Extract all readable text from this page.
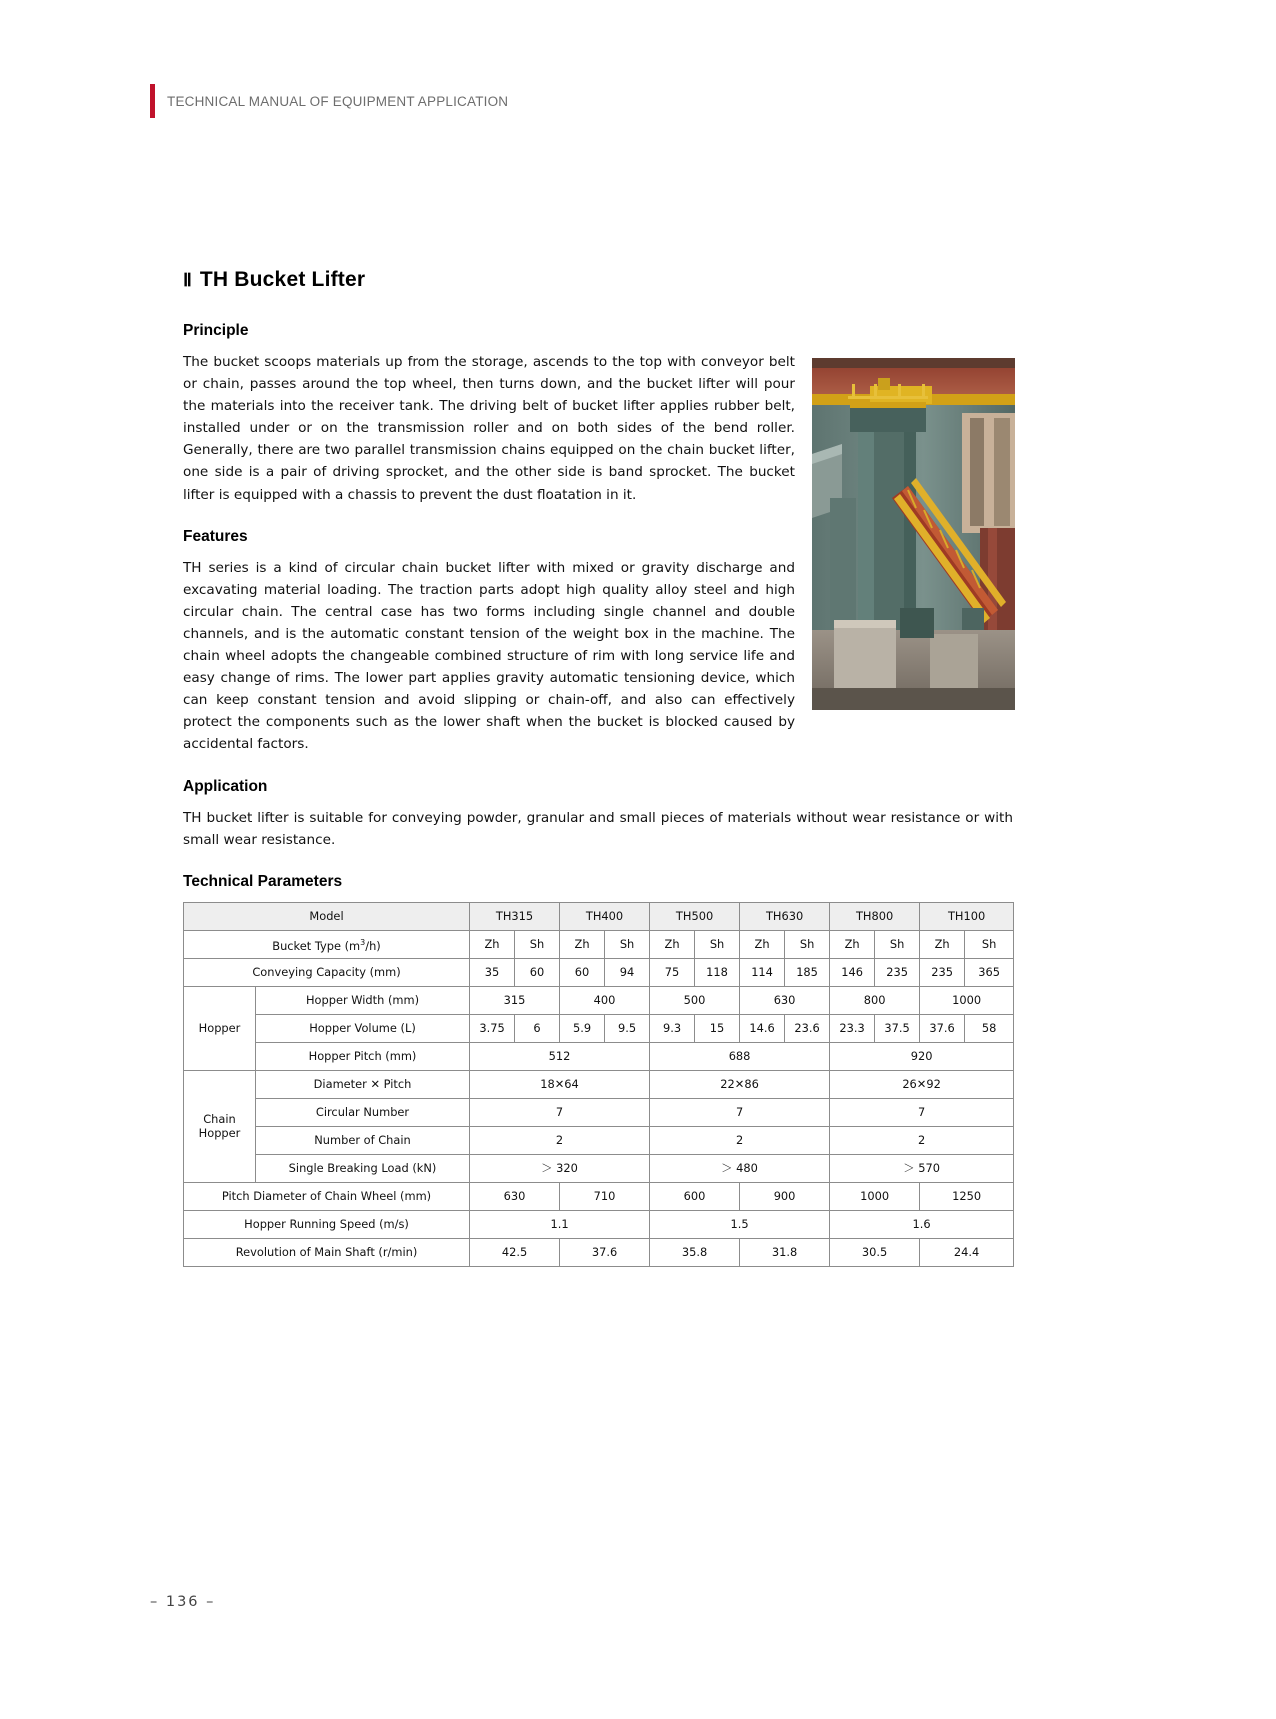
TECHNICAL MANUAL OF EQUIPMENT APPLICATION
Ⅱ TH Bucket Lifter
Principle

The bucket scoops materials up from the storage, ascends to the top with conveyor belt or chain, passes around the top wheel, then turns down, and the bucket lifter will pour the materials into the receiver tank. The driving belt of bucket lifter applies rubber belt, installed under or on the transmission roller and on both sides of the bend roller. Generally, there are two parallel transmission chains equipped on the chain bucket lifter, one side is a pair of driving sprocket, and the other side is band sprocket. The bucket lifter is equipped with a chassis to prevent the dust floatation in it.

Features

TH series is a kind of circular chain bucket lifter with mixed or gravity discharge and excavating material loading. The traction parts adopt high quality alloy steel and high circular chain. The central case has two forms including single channel and double channels, and is the automatic constant tension of the weight box in the machine. The chain wheel adopts the changeable combined structure of rim with long service life and easy change of rims. The lower part applies gravity automatic tensioning device, which can keep constant tension and avoid slipping or chain-off, and also can effectively protect the components such as the lower shaft when the bucket is blocked caused by accidental factors.

Application

TH bucket lifter is suitable for conveying powder, granular and small pieces of materials without wear resistance or with small wear resistance.

Technical Parameters
Model		TH315		TH400		TH500		TH630		TH800		TH100	
Bucket Type $(m^3/h)$		Zh	Sh	Zh	Sh	Zh	Sh	Zh	Sh	Zh	Sh	Zh	Sh
Conveying Capacity (mm)		35	60	60	94	75	118	114	185	146	235	235	365
Hopper	Hopper Width (mm)	315		400		500		630		800		1000	
	Hopper Volume (L)	3.75	6	5.9	9.5	9.3	15	14.6	23.6	23.3	37.5	37.6	58
	Hopper Pitch (mm)	512				688				920			
Chain Hopper	Diameter ✕ Pitch	18✕64				22✕86				26✕92			
	Circular Number	7				7				7			
	Number of Chain	2				2				2			
	Single Breaking Load (kN)	＞ 320				＞ 480				＞ 570			
Pitch Diameter of Chain Wheel (mm)		630		710		600		900		1000		1250	
Hopper Running Speed (m/s)		1.1				1.5				1.6			
Revolution of Main Shaft (r/min)		42.5		37.6		35.8		31.8		30.5		24.4	
– 136 –
